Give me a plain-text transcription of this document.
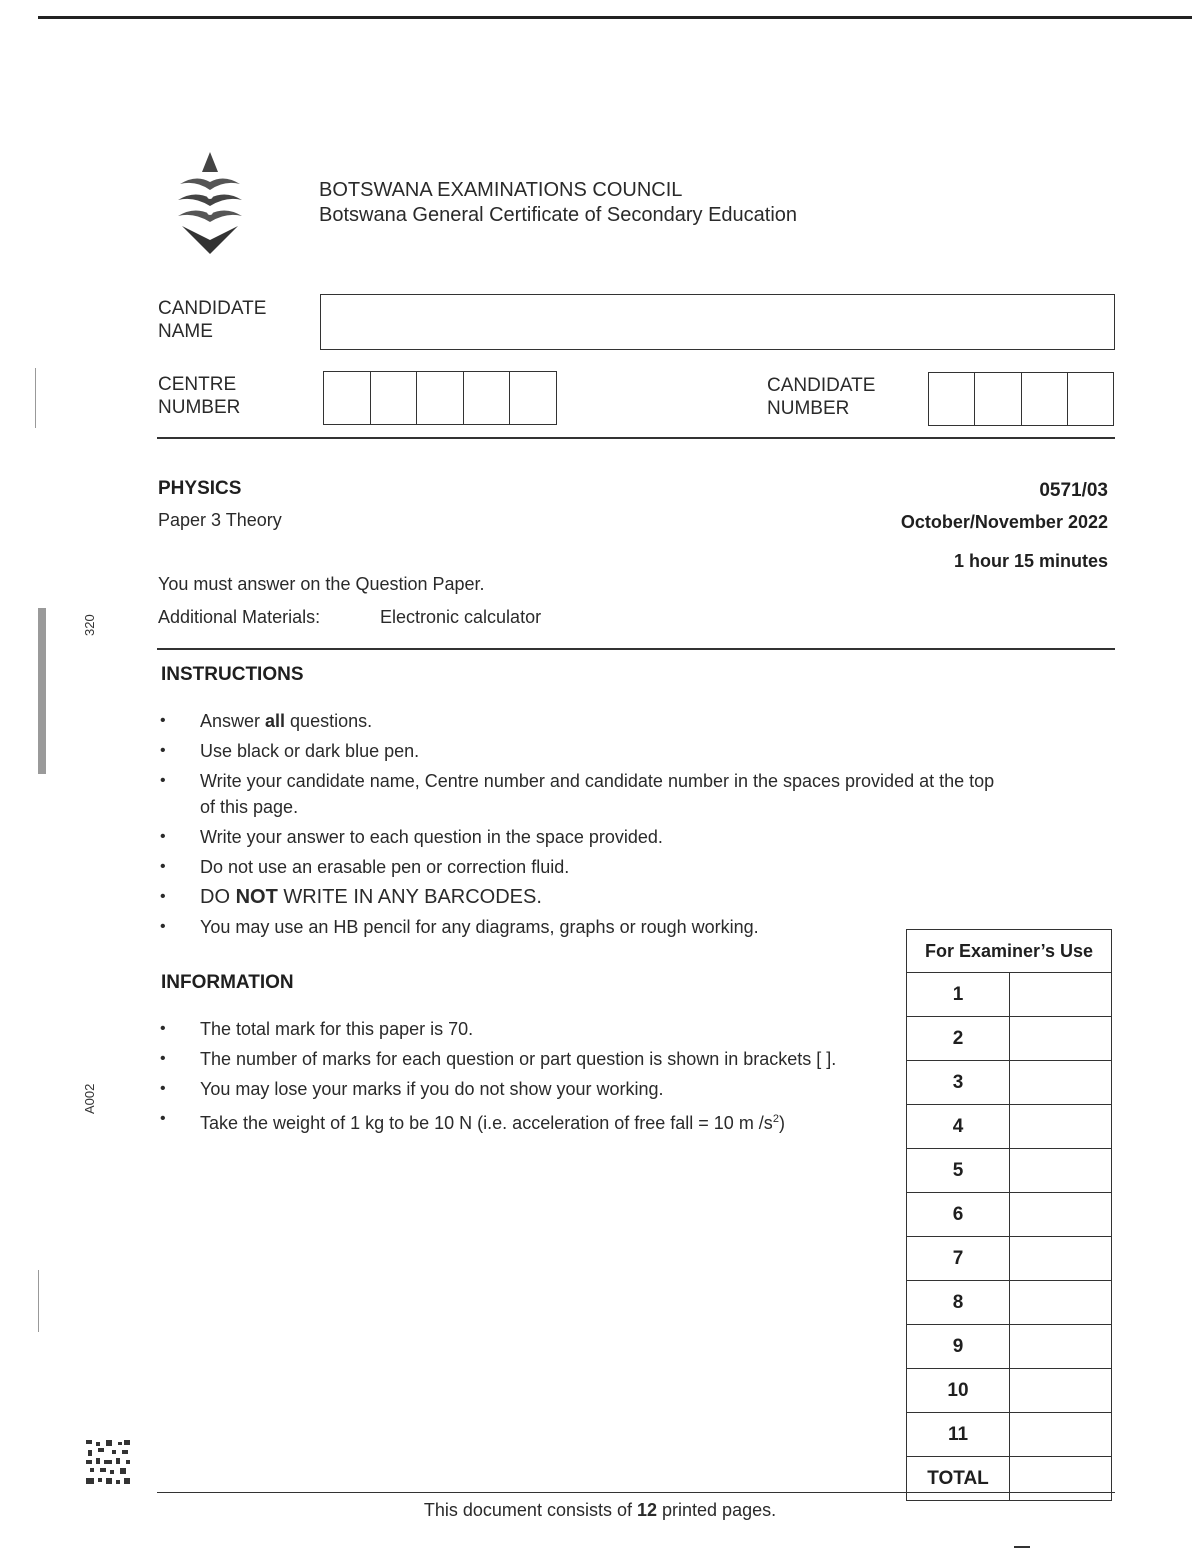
BOTSWANA EXAMINATIONS COUNCIL
Botswana General Certificate of Secondary Education
CANDIDATE
NAME
CENTRE
NUMBER
CANDIDATE
NUMBER
PHYSICS	0571/03
Paper 3 Theory	October/November 2022
1 hour 15 minutes
You must answer on the Question Paper.
Additional Materials:	Electronic calculator
INSTRUCTIONS
• Answer all questions.
• Use black or dark blue pen.
• Write your candidate name, Centre number and candidate number in the spaces provided at the top of this page.
• Write your answer to each question in the space provided.
• Do not use an erasable pen or correction fluid.
• DO NOT WRITE IN ANY BARCODES.
• You may use an HB pencil for any diagrams, graphs or rough working.
INFORMATION
• The total mark for this paper is 70.
• The number of marks for each question or part question is shown in brackets [ ].
• You may lose your marks if you do not show your working.
• Take the weight of 1 kg to be 10 N (i.e. acceleration of free fall = 10 m $/s^2$)
For Examiner’s Use	
1	
2	
3	
4	
5	
6	
7	
8	
9	
10	
11	
TOTAL	
320
A002
This document consists of 12 printed pages.
